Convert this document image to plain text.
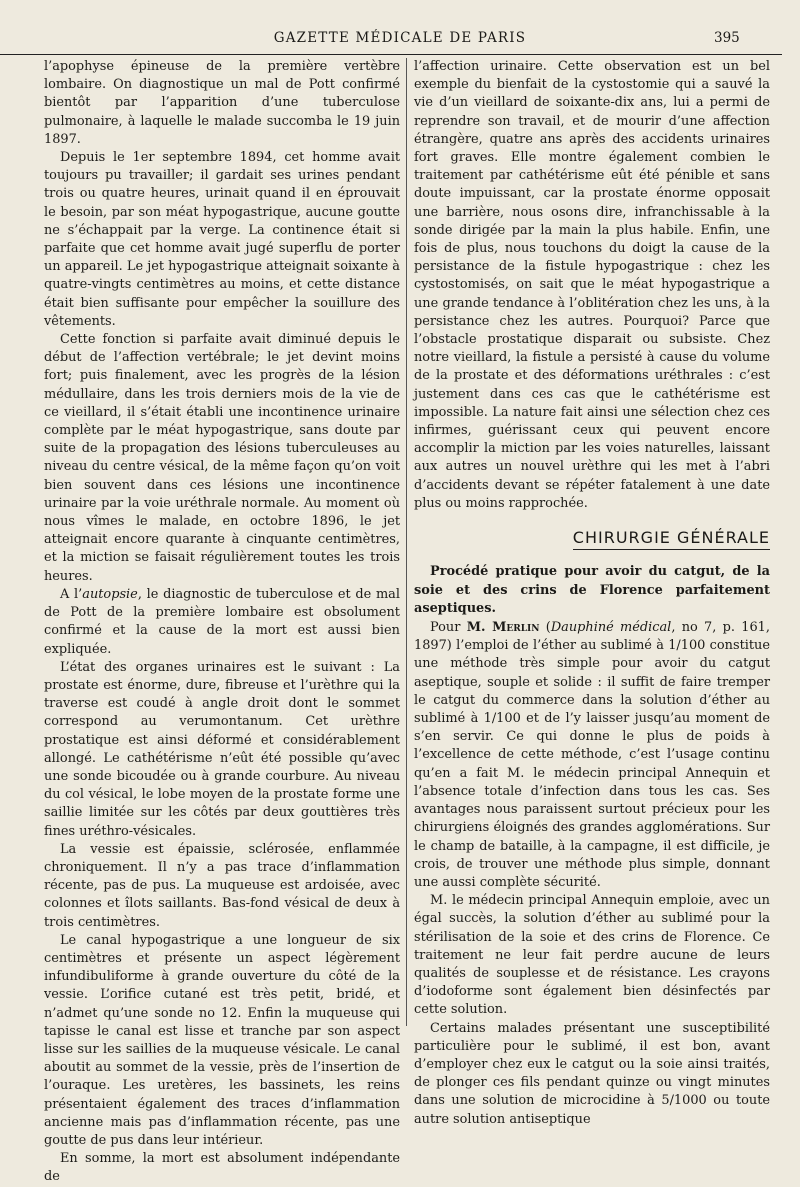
GAZETTE MÉDICALE DE PARIS	395

l’apophyse épineuse de la première vertèbre lombaire. On diagnostique un mal de Pott confirmé bientôt par l’apparition d’une tuberculose pulmonaire, à laquelle le malade succomba le 19 juin 1897.

Depuis le 1er septembre 1894, cet homme avait toujours pu travailler; il gardait ses urines pendant trois ou quatre heures, urinait quand il en éprouvait le besoin, par son méat hypogastrique, aucune goutte ne s’échappait par la verge. La continence était si parfaite que cet homme avait jugé superflu de porter un appareil. Le jet hypogastrique atteignait soixante à quatre-vingts centimètres au moins, et cette distance était bien suffisante pour empêcher la souillure des vêtements.

Cette fonction si parfaite avait diminué depuis le début de l’affection vertébrale; le jet devint moins fort; puis finalement, avec les progrès de la lésion médullaire, dans les trois derniers mois de la vie de ce vieillard, il s’était établi une incontinence urinaire complète par le méat hypogastrique, sans doute par suite de la propagation des lésions tuberculeuses au niveau du centre vésical, de la même façon qu’on voit bien souvent dans ces lésions une incontinence urinaire par la voie uréthrale normale. Au moment où nous vîmes le malade, en octobre 1896, le jet atteignait encore quarante à cinquante centimètres, et la miction se faisait régulièrement toutes les trois heures.

A l’autopsie, le diagnostic de tuberculose et de mal de Pott de la première lombaire est obsolument confirmé et la cause de la mort est aussi bien expliquée.

L’état des organes urinaires est le suivant : La prostate est énorme, dure, fibreuse et l’urèthre qui la traverse est coudé à angle droit dont le sommet correspond au verumontanum. Cet urèthre prostatique est ainsi déformé et considérablement allongé. Le cathétérisme n’eût été possible qu’avec une sonde bicoudée ou à grande courbure. Au niveau du col vésical, le lobe moyen de la prostate forme une saillie limitée sur les côtés par deux gouttières très fines uréthro-vésicales.

La vessie est épaissie, sclérosée, enflammée chroniquement. Il n’y a pas trace d’inflammation récente, pas de pus. La muqueuse est ardoisée, avec colonnes et îlots saillants. Bas-fond vésical de deux à trois centimètres.

Le canal hypogastrique a une longueur de six centimètres et présente un aspect légèrement infundibuliforme à grande ouverture du côté de la vessie. L’orifice cutané est très petit, bridé, et n’admet qu’une sonde no 12. Enfin la muqueuse qui tapisse le canal est lisse et tranche par son aspect lisse sur les saillies de la muqueuse vésicale. Le canal aboutit au sommet de la vessie, près de l’insertion de l’ouraque. Les uretères, les bassinets, les reins présentaient également des traces d’inflammation ancienne mais pas d’inflammation récente, pas une goutte de pus dans leur intérieur.

En somme, la mort est absolument indépendante de

l’affection urinaire. Cette observation est un bel exemple du bienfait de la cystostomie qui a sauvé la vie d’un vieillard de soixante-dix ans, lui a permi de reprendre son travail, et de mourir d’une affection étrangère, quatre ans après des accidents urinaires fort graves. Elle montre également combien le traitement par cathétérisme eût été pénible et sans doute impuissant, car la prostate énorme opposait une barrière, nous osons dire, infranchissable à la sonde dirigée par la main la plus habile. Enfin, une fois de plus, nous touchons du doigt la cause de la persistance de la fistule hypogastrique : chez les cystostomisés, on sait que le méat hypogastrique a une grande tendance à l’oblitération chez les uns, à la persistance chez les autres. Pourquoi? Parce que l’obstacle prostatique disparait ou subsiste. Chez notre vieillard, la fistule a persisté à cause du volume de la prostate et des déformations uréthrales : c’est justement dans ces cas que le cathétérisme est impossible. La nature fait ainsi une sélection chez ces infirmes, guérissant ceux qui peuvent encore accomplir la miction par les voies naturelles, laissant aux autres un nouvel urèthre qui les met à l’abri d’accidents devant se répéter fatalement à une date plus ou moins rapprochée.

CHIRURGIE GÉNÉRALE

Procédé pratique pour avoir du catgut, de la soie et des crins de Florence parfaitement aseptiques.

Pour M. Merlin (Dauphiné médical, no 7, p. 161, 1897) l’emploi de l’éther au sublimé à 1/100 constitue une méthode très simple pour avoir du catgut aseptique, souple et solide : il suffit de faire tremper le catgut du commerce dans la solution d’éther au sublimé à 1/100 et de l’y laisser jusqu’au moment de s’en servir. Ce qui donne le plus de poids à l’excellence de cette méthode, c’est l’usage continu qu’en a fait M. le médecin principal Annequin et l’absence totale d’infection dans tous les cas. Ses avantages nous paraissent surtout précieux pour les chirurgiens éloignés des grandes agglomérations. Sur le champ de bataille, à la campagne, il est difficile, je crois, de trouver une méthode plus simple, donnant une aussi complète sécurité.

M. le médecin principal Annequin emploie, avec un égal succès, la solution d’éther au sublimé pour la stérilisation de la soie et des crins de Florence. Ce traitement ne leur fait perdre aucune de leurs qualités de souplesse et de résistance. Les crayons d’iodoforme sont également bien désinfectés par cette solution.

Certains malades présentant une susceptibilité particulière pour le sublimé, il est bon, avant d’employer chez eux le catgut ou la soie ainsi traités, de plonger ces fils pendant quinze ou vingt minutes dans une solution de microcidine à 5/1000 ou toute autre solution antiseptique
